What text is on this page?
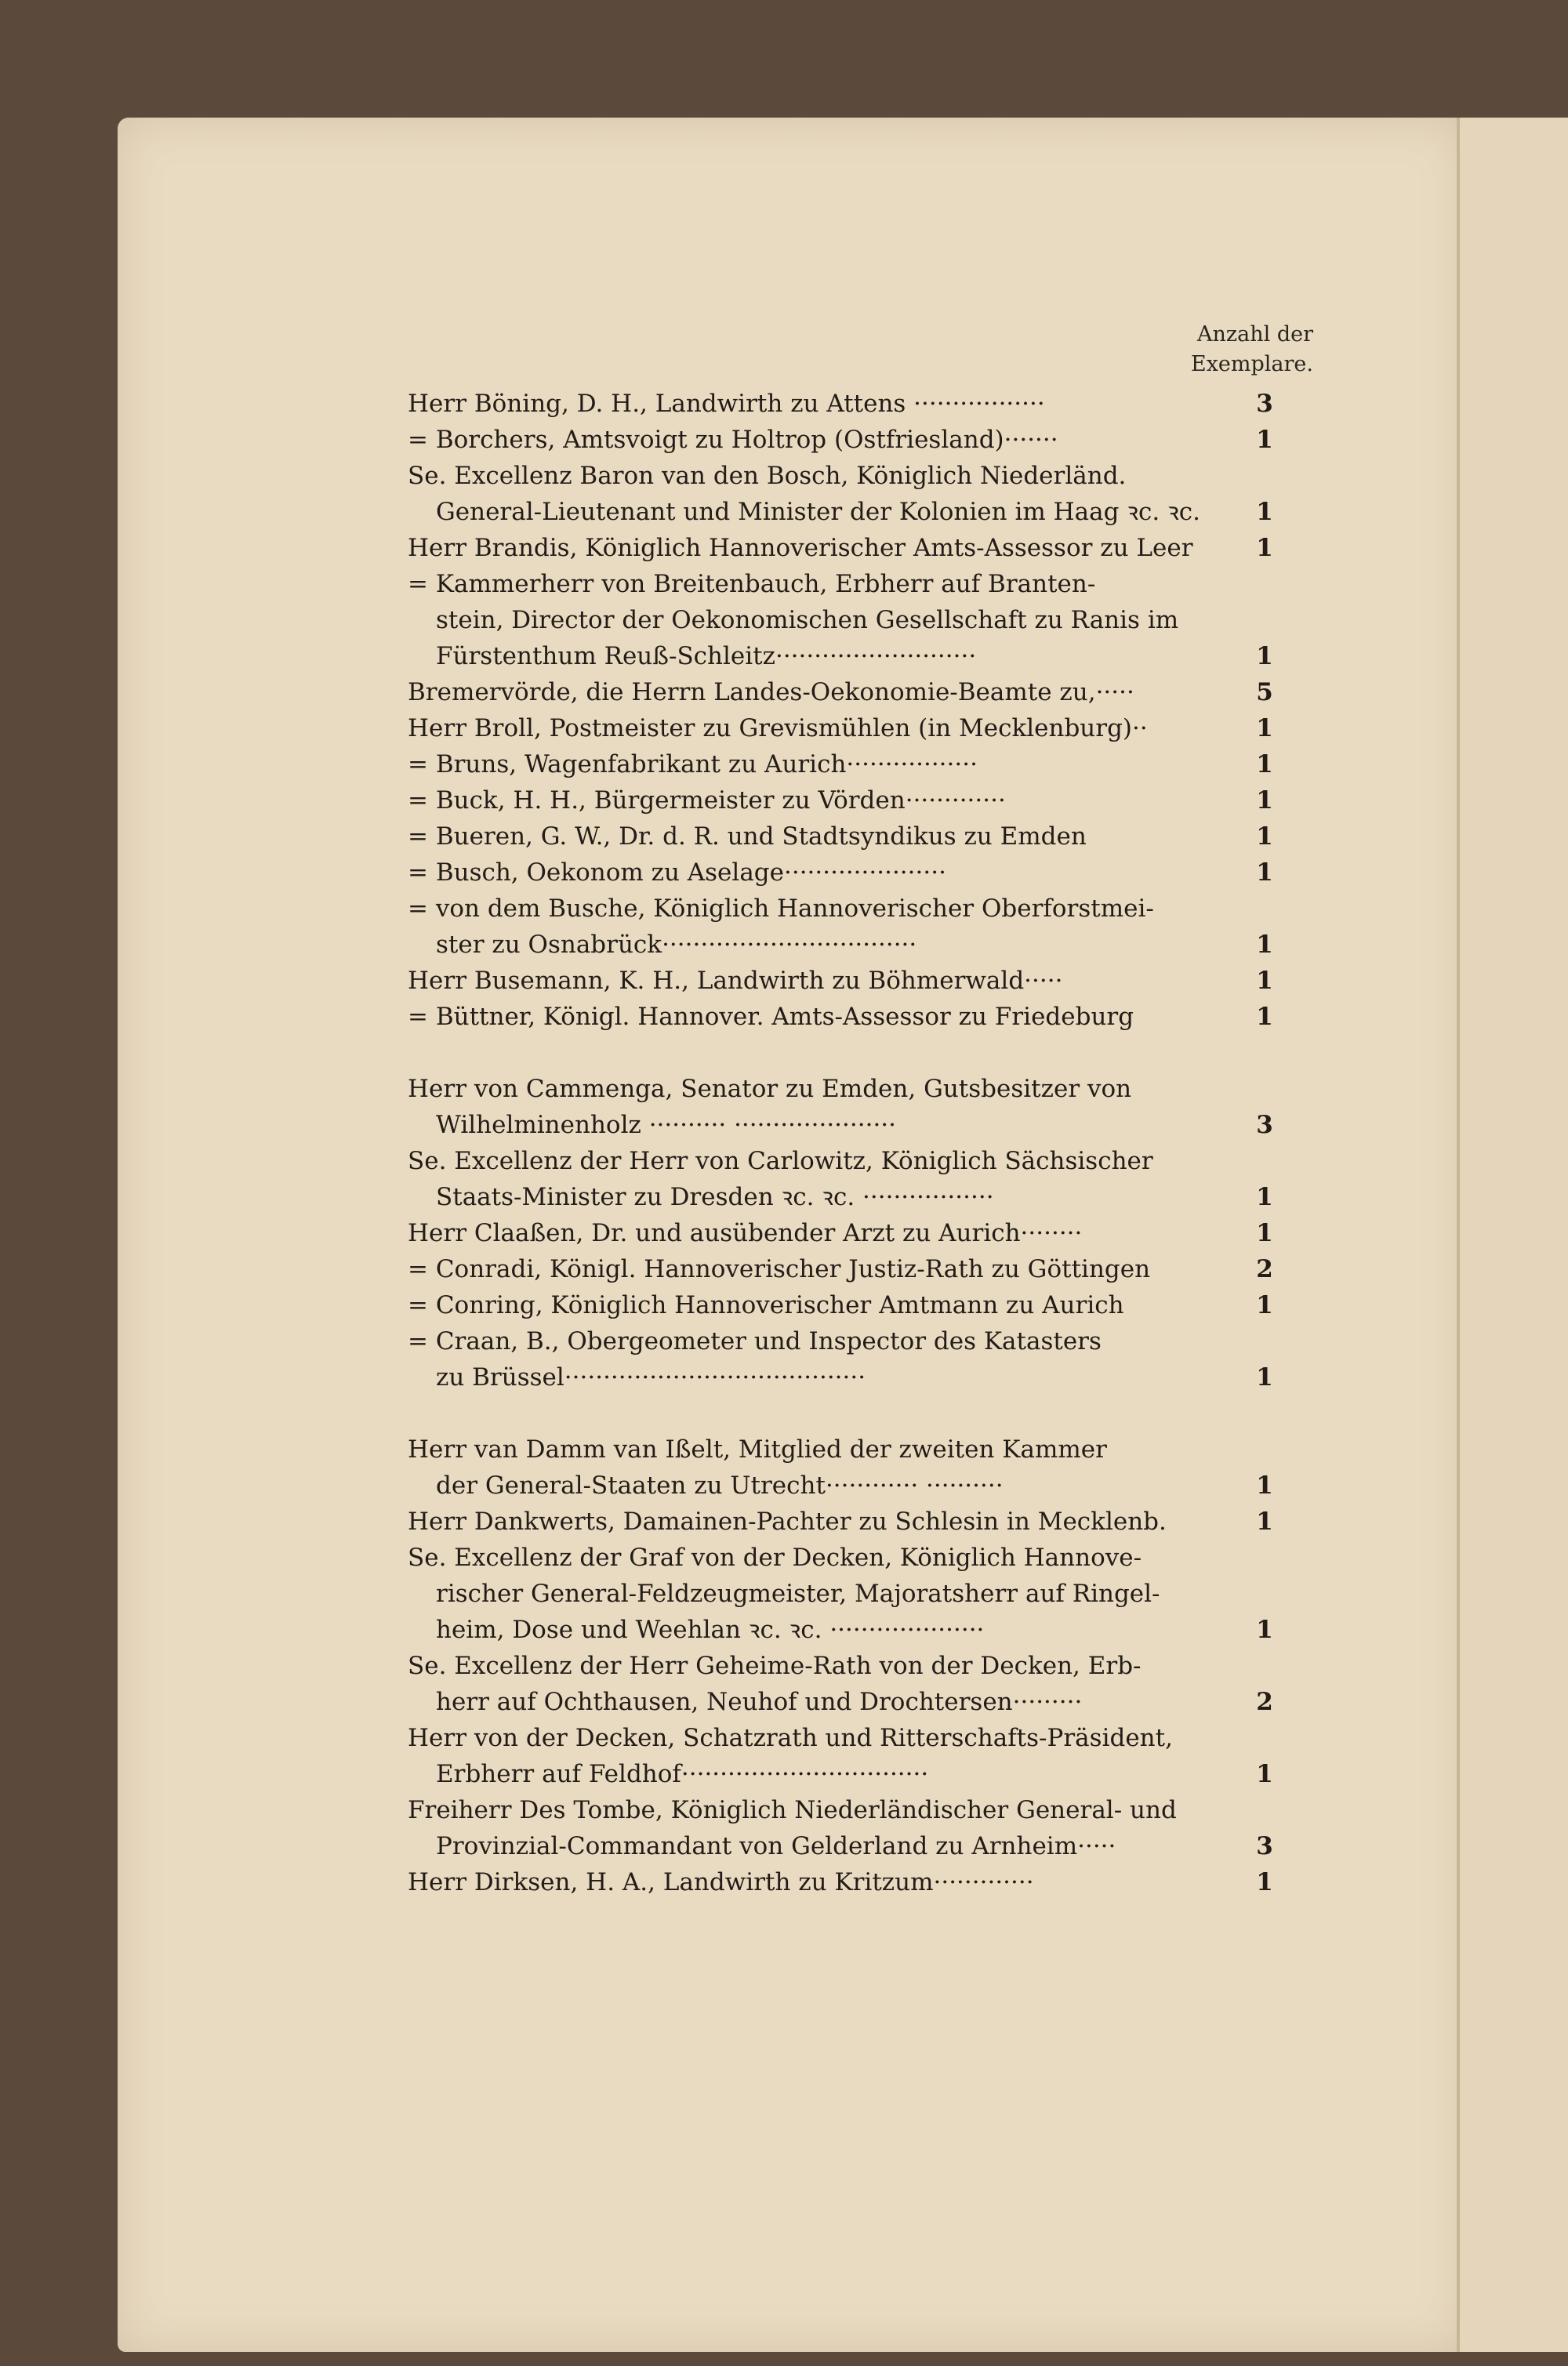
Anzahl der
Exemplare.
Herr Böning, D. H., Landwirth zu Attens ·················	3
= Borchers, Amtsvoigt zu Holtrop (Ostfriesland)·······	1
Se. Excellenz Baron van den Bosch, Königlich Niederländ.
General-Lieutenant und Minister der Kolonien im Haag ꝛc. ꝛc. 1
Herr Brandis, Königlich Hannoverischer Amts-Assessor zu Leer	1
= Kammerherr von Breitenbauch, Erbherr auf Branten-
stein, Director der Oekonomischen Gesellschaft zu Ranis im
Fürstenthum Reuß-Schleitz··························	1
Bremervörde, die Herrn Landes-Oekonomie-Beamte zu,·····	5
Herr Broll, Postmeister zu Grevismühlen (in Mecklenburg)··	1
= Bruns, Wagenfabrikant zu Aurich·················	1
= Buck, H. H., Bürgermeister zu Vörden·············	1
= Bueren, G. W., Dr. d. R. und Stadtsyndikus zu Emden	1
= Busch, Oekonom zu Aselage·····················	1
= von dem Busche, Königlich Hannoverischer Oberforstmei-
ster zu Osnabrück·································	1
Herr Busemann, K. H., Landwirth zu Böhmerwald·····	1
= Büttner, Königl. Hannover. Amts-Assessor zu Friedeburg	1
Herr von Cammenga, Senator zu Emden, Gutsbesitzer von
Wilhelminenholz ·········· ·····················	3
Se. Excellenz der Herr von Carlowitz, Königlich Sächsischer
Staats-Minister zu Dresden ꝛc. ꝛc. ·················	1
Herr Claaßen, Dr. und ausübender Arzt zu Aurich········	1
= Conradi, Königl. Hannoverischer Justiz-Rath zu Göttingen	2
= Conring, Königlich Hannoverischer Amtmann zu Aurich	1
= Craan, B., Obergeometer und Inspector des Katasters
zu Brüssel·······································	1
Herr van Damm van Ißelt, Mitglied der zweiten Kammer
der General-Staaten zu Utrecht············ ··········	1
Herr Dankwerts, Damainen-Pachter zu Schlesin in Mecklenb.	1
Se. Excellenz der Graf von der Decken, Königlich Hannove-
rischer General-Feldzeugmeister, Majoratsherr auf Ringel-
heim, Dose und Weehlan ꝛc. ꝛc. ····················	1
Se. Excellenz der Herr Geheime-Rath von der Decken, Erb-
herr auf Ochthausen, Neuhof und Drochtersen·········	2
Herr von der Decken, Schatzrath und Ritterschafts-Präsident,
Erbherr auf Feldhof································	1
Freiherr Des Tombe, Königlich Niederländischer General- und
Provinzial-Commandant von Gelderland zu Arnheim·····	3
Herr Dirksen, H. A., Landwirth zu Kritzum·············	1
